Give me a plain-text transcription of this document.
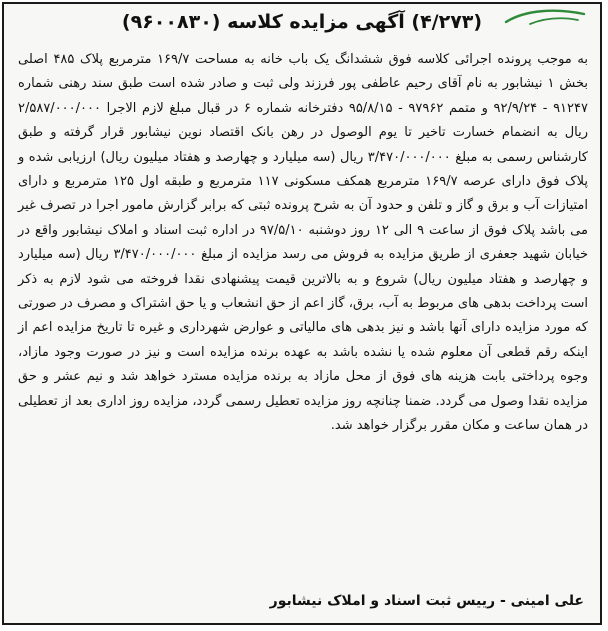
(۴/۲۷۳) آگهی مزایده کلاسه (۹۶۰۰۸۳۰)

به موجب پرونده اجرائی کلاسه فوق ششدانگ یک باب خانه به مساحت ۱۶۹/۷ مترمربع پلاک ۴۸۵ اصلی بخش ۱ نیشابور به نام آقای رحیم عاطفی پور فرزند ولی ثبت و صادر شده است طبق سند رهنی شماره ۹۱۲۴۷ - ۹۲/۹/۲۴ و متمم ۹۷۹۶۲ - ۹۵/۸/۱۵ دفترخانه شماره ۶ در قبال مبلغ لازم الاجرا ۲/۵۸۷/۰۰۰/۰۰۰ ریال به انضمام خسارت تاخیر تا یوم الوصول در رهن بانک اقتصاد نوین نیشابور قرار گرفته و طبق کارشناس رسمی به مبلغ ۳/۴۷۰/۰۰۰/۰۰۰ ریال (سه میلیارد و چهارصد و هفتاد میلیون ریال) ارزیابی شده و پلاک فوق دارای عرصه ۱۶۹/۷ مترمربع همکف مسکونی ۱۱۷ مترمربع و طبقه اول ۱۲۵ مترمربع و دارای امتیازات آب و برق و گاز و تلفن و حدود آن به شرح پرونده ثبتی که برابر گزارش مامور اجرا در تصرف غیر می باشد پلاک فوق از ساعت ۹ الی ۱۲ روز دوشنبه ۹۷/۵/۱۰ در اداره ثبت اسناد و املاک نیشابور واقع در خیابان شهید جعفری از طریق مزایده به فروش می رسد مزایده از مبلغ ۳/۴۷۰/۰۰۰/۰۰۰ ریال (سه میلیارد و چهارصد و هفتاد میلیون ریال) شروع و به بالاترین قیمت پیشنهادی نقدا فروخته می شود لازم به ذکر است پرداخت بدهی های مربوط به آب، برق، گاز اعم از حق انشعاب و یا حق اشتراک و مصرف در صورتی که مورد مزایده دارای آنها باشد و نیز بدهی های مالیاتی و عوارض شهرداری و غیره تا تاریخ مزایده اعم از اینکه رقم قطعی آن معلوم شده یا نشده باشد به عهده برنده مزایده است و نیز در صورت وجود مازاد، وجوه پرداختی بابت هزینه های فوق از محل مازاد به برنده مزایده مسترد خواهد شد و نیم عشر و حق مزایده نقدا وصول می گردد. ضمنا چنانچه روز مزایده تعطیل رسمی گردد، مزایده روز اداری بعد از تعطیلی در همان ساعت و مکان مقرر برگزار خواهد شد.

علی امینی - رییس ثبت اسناد و املاک نیشابور
